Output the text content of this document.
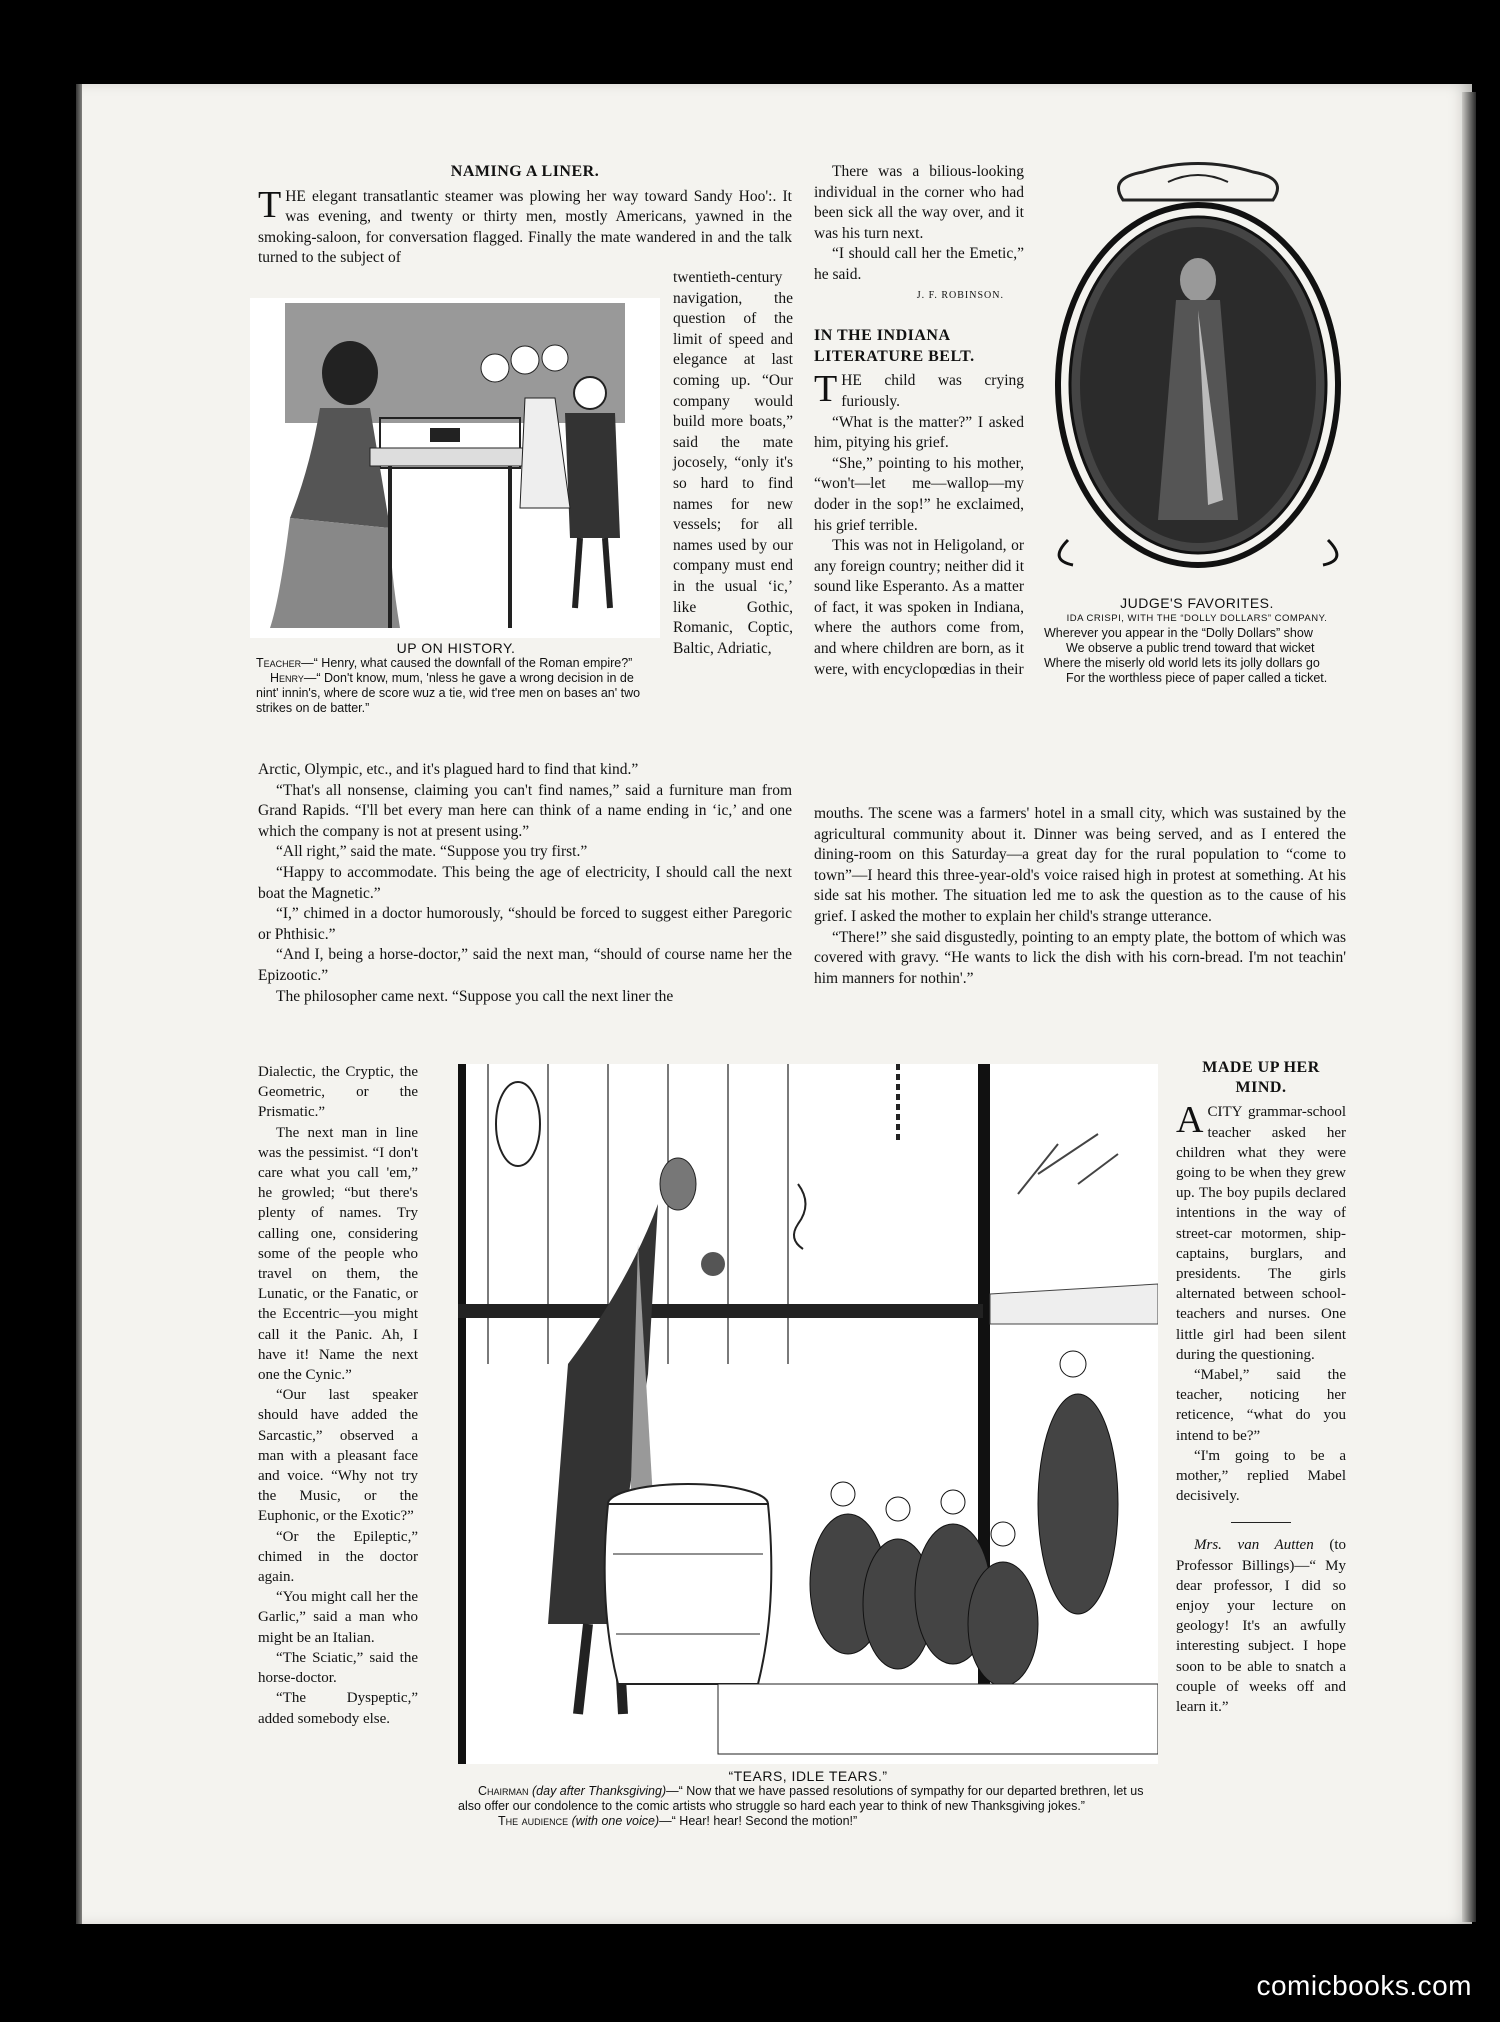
NAMING A LINER.

THE elegant transatlantic steamer was plowing her way toward Sandy Hoo':. It was evening, and twenty or thirty men, mostly Americans, yawned in the smoking-saloon, for conversation flagged. Finally the mate wandered in and the talk turned to the subject of

twentieth-century navigation, the question of the limit of speed and elegance at last coming up. “Our company would build more boats,” said the mate jocosely, “only it's so hard to find names for new vessels; for all names used by our company must end in the usual ‘ic,’ like Gothic, Romanic, Coptic, Baltic, Adriatic,

UP ON HISTORY.

Teacher—“ Henry, what caused the downfall of the Roman empire?”

Henry—“ Don't know, mum, 'nless he gave a wrong decision in de nint' innin's, where de score wuz a tie, wid t'ree men on bases an' two strikes on de batter.”

Arctic, Olympic, etc., and it's plagued hard to find that kind.”

“That's all nonsense, claiming you can't find names,” said a furniture man from Grand Rapids. “I'll bet every man here can think of a name ending in ‘ic,’ and one which the company is not at present using.”

“All right,” said the mate. “Suppose you try first.”

“Happy to accommodate. This being the age of electricity, I should call the next boat the Magnetic.”

“I,” chimed in a doctor humorously, “should be forced to suggest either Paregoric or Phthisic.”

“And I, being a horse-doctor,” said the next man, “should of course name her the Epizootic.”

The philosopher came next. “Suppose you call the next liner the

Dialectic, the Cryptic, the Geometric, or the Prismatic.”

The next man in line was the pessimist. “I don't care what you call 'em,” he growled; “but there's plenty of names. Try calling one, considering some of the people who travel on them, the Lunatic, or the Fanatic, or the Eccentric—you might call it the Panic. Ah, I have it! Name the next one the Cynic.”

“Our last speaker should have added the Sarcastic,” observed a man with a pleasant face and voice. “Why not try the Music, or the Euphonic, or the Exotic?”

“Or the Epileptic,” chimed in the doctor again.

“You might call her the Garlic,” said a man who might be an Italian.

“The Sciatic,” said the horse-doctor.

“The Dyspeptic,” added somebody else.

There was a bilious-looking individual in the corner who had been sick all the way over, and it was his turn next.

“I should call her the Emetic,” he said.

J. F. ROBINSON.
IN THE INDIANA LITERATURE BELT.

THE child was crying furiously.

“What is the matter?” I asked him, pitying his grief.

“She,” pointing to his mother, “won't—let me—wallop—my doder in the sop!” he exclaimed, his grief terrible.

This was not in Heligoland, or any foreign country; neither did it sound like Esperanto. As a matter of fact, it was spoken in Indiana, where the authors come from, and where children are born, as it were, with encyclopœdias in their

mouths. The scene was a farmers' hotel in a small city, which was sustained by the agricultural community about it. Dinner was being served, and as I entered the dining-room on this Saturday—a great day for the rural population to “come to town”—I heard this three-year-old's voice raised high in protest at something. At his side sat his mother. The situation led me to ask the question as to the cause of his grief. I asked the mother to explain her child's strange utterance.

“There!” she said disgustedly, pointing to an empty plate, the bottom of which was covered with gravy. “He wants to lick the dish with his corn-bread. I'm not teachin' him manners for nothin'.”

JUDGE'S FAVORITES.
IDA CRISPI, WITH THE “DOLLY DOLLARS” COMPANY.
Wherever you appear in the “Dolly Dollars” show
We observe a public trend toward that wicket
Where the miserly old world lets its jolly dollars go
For the worthless piece of paper called a ticket.

“TEARS, IDLE TEARS.”

Chairman (day after Thanksgiving)—“ Now that we have passed resolutions of sympathy for our departed brethren, let us also offer our condolence to the comic artists who struggle so hard each year to think of new Thanksgiving jokes.”

The audience (with one voice)—“ Hear! hear! Second the motion!”

MADE UP HER MIND.

ACITY grammar-school teacher asked her children what they were going to be when they grew up. The boy pupils declared intentions in the way of street-car motormen, ship-captains, burglars, and presidents. The girls alternated between school-teachers and nurses. One little girl had been silent during the questioning.

“Mabel,” said the teacher, noticing her reticence, “what do you intend to be?”

“I'm going to be a mother,” replied Mabel decisively.

Mrs. van Autten (to Professor Billings)—“ My dear professor, I did so enjoy your lecture on geology! It's an awfully interesting subject. I hope soon to be able to snatch a couple of weeks off and learn it.”

comicbooks.com
